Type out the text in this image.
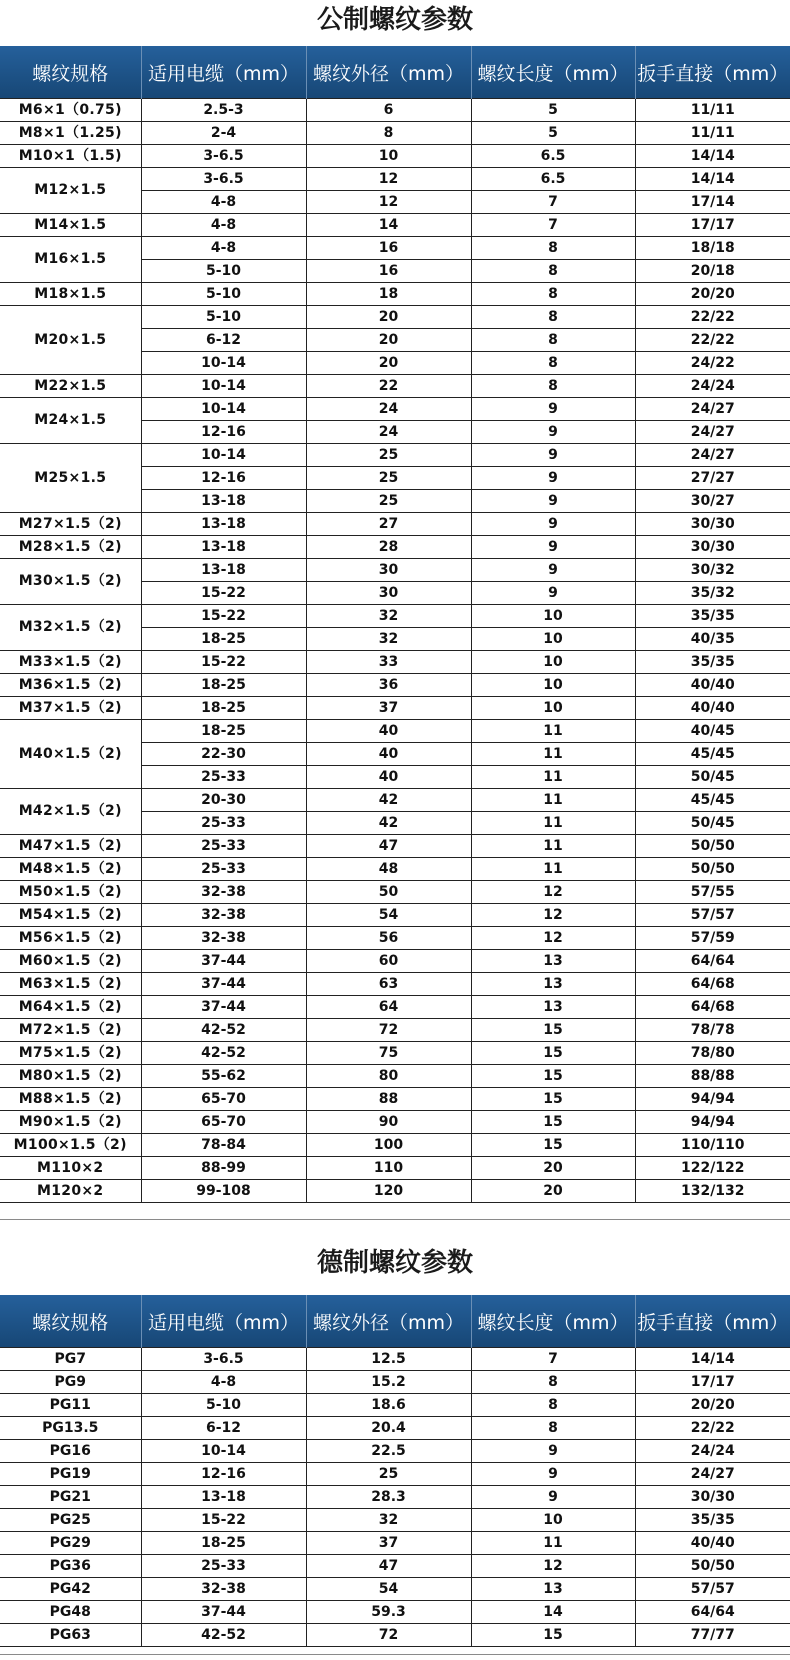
公制螺纹参数
螺纹规格	适用电缆（mm）	螺纹外径（mm）	螺纹长度（mm）	扳手直接（mm）
M6×1（0.75)	2.5-3	6	5	11/11
M8×1（1.25)	2-4	8	5	11/11
M10×1（1.5)	3-6.5	10	6.5	14/14
M12×1.5	3-6.5	12	6.5	14/14
	4-8	12	7	17/14
M14×1.5	4-8	14	7	17/17
M16×1.5	4-8	16	8	18/18
	5-10	16	8	20/18
M18×1.5	5-10	18	8	20/20
M20×1.5	5-10	20	8	22/22
	6-12	20	8	22/22
	10-14	20	8	24/22
M22×1.5	10-14	22	8	24/24
M24×1.5	10-14	24	9	24/27
	12-16	24	9	24/27
M25×1.5	10-14	25	9	24/27
	12-16	25	9	27/27
	13-18	25	9	30/27
M27×1.5（2)	13-18	27	9	30/30
M28×1.5（2)	13-18	28	9	30/30
M30×1.5（2)	13-18	30	9	30/32
	15-22	30	9	35/32
M32×1.5（2)	15-22	32	10	35/35
	18-25	32	10	40/35
M33×1.5（2)	15-22	33	10	35/35
M36×1.5（2)	18-25	36	10	40/40
M37×1.5（2)	18-25	37	10	40/40
M40×1.5（2)	18-25	40	11	40/45
	22-30	40	11	45/45
	25-33	40	11	50/45
M42×1.5（2)	20-30	42	11	45/45
	25-33	42	11	50/45
M47×1.5（2)	25-33	47	11	50/50
M48×1.5（2)	25-33	48	11	50/50
M50×1.5（2)	32-38	50	12	57/55
M54×1.5（2)	32-38	54	12	57/57
M56×1.5（2)	32-38	56	12	57/59
M60×1.5（2)	37-44	60	13	64/64
M63×1.5（2)	37-44	63	13	64/68
M64×1.5（2)	37-44	64	13	64/68
M72×1.5（2)	42-52	72	15	78/78
M75×1.5（2)	42-52	75	15	78/80
M80×1.5（2)	55-62	80	15	88/88
M88×1.5（2)	65-70	88	15	94/94
M90×1.5（2)	65-70	90	15	94/94
M100×1.5（2)	78-84	100	15	110/110
M110×2	88-99	110	20	122/122
M120×2	99-108	120	20	132/132
德制螺纹参数
螺纹规格	适用电缆（mm）	螺纹外径（mm）	螺纹长度（mm）	扳手直接（mm）
PG7	3-6.5	12.5	7	14/14
PG9	4-8	15.2	8	17/17
PG11	5-10	18.6	8	20/20
PG13.5	6-12	20.4	8	22/22
PG16	10-14	22.5	9	24/24
PG19	12-16	25	9	24/27
PG21	13-18	28.3	9	30/30
PG25	15-22	32	10	35/35
PG29	18-25	37	11	40/40
PG36	25-33	47	12	50/50
PG42	32-38	54	13	57/57
PG48	37-44	59.3	14	64/64
PG63	42-52	72	15	77/77
